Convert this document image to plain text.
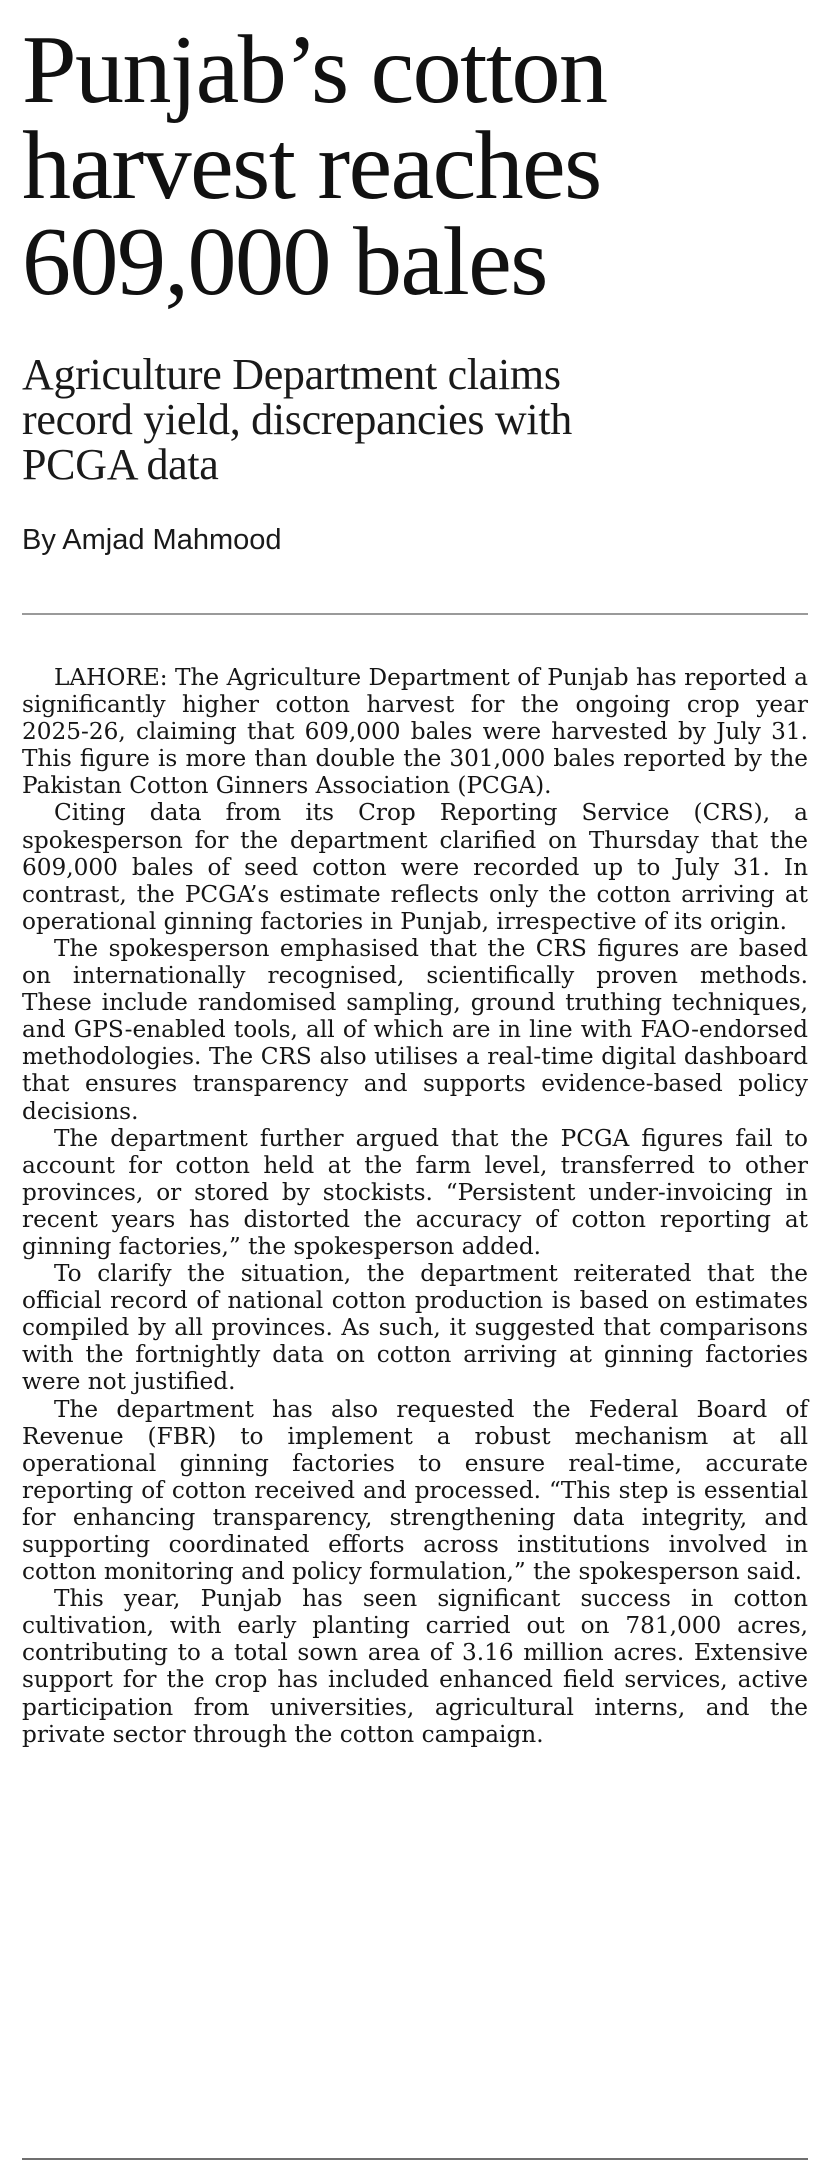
Punjab’s cotton
harvest reaches
609,000 bales
Agriculture Department claims
record yield, discrepancies with
PCGA data
By Amjad Mahmood

LAHORE: The Agriculture Department of Punjab has reported a significantly higher cotton harvest for the ongoing crop year 2025-26, claiming that 609,000 bales were harvested by July 31. This figure is more than double the 301,000 bales reported by the Pakistan Cotton Ginners Association (PCGA).

Citing data from its Crop Reporting Service (CRS), a spokesperson for the department clarified on Thursday that the 609,000 bales of seed cotton were recorded up to July 31. In contrast, the PCGA’s estimate reflects only the cotton arriving at operational ginning factories in Punjab, irrespective of its origin.

The spokesperson emphasised that the CRS figures are based on internationally recognised, scientifically proven methods. These include randomised sampling, ground truthing techniques, and GPS-enabled tools, all of which are in line with FAO-endorsed methodologies. The CRS also utilises a real-time digital dashboard that ensures transparency and supports evidence-based policy decisions.

The department further argued that the PCGA figures fail to account for cotton held at the farm level, transferred to other provinces, or stored by stockists. “Persistent under-invoicing in recent years has distorted the accuracy of cotton reporting at ginning factories,” the spokesperson added.

To clarify the situation, the department reiterated that the official record of national cotton production is based on estimates compiled by all provinces. As such, it suggested that comparisons with the fortnightly data on cotton arriving at ginning factories were not justified.

The department has also requested the Federal Board of Revenue (FBR) to implement a robust mechanism at all operational ginning factories to ensure real-time, accurate reporting of cotton received and processed. “This step is essential for enhancing transparency, strengthening data integrity, and supporting coordinated efforts across institutions involved in cotton monitoring and policy formulation,” the spokesperson said.

This year, Punjab has seen significant success in cotton cultivation, with early planting carried out on 781,000 acres, contributing to a total sown area of 3.16 million acres. Extensive support for the crop has included enhanced field services, active participation from universities, agricultural interns, and the private sector through the cotton campaign.
